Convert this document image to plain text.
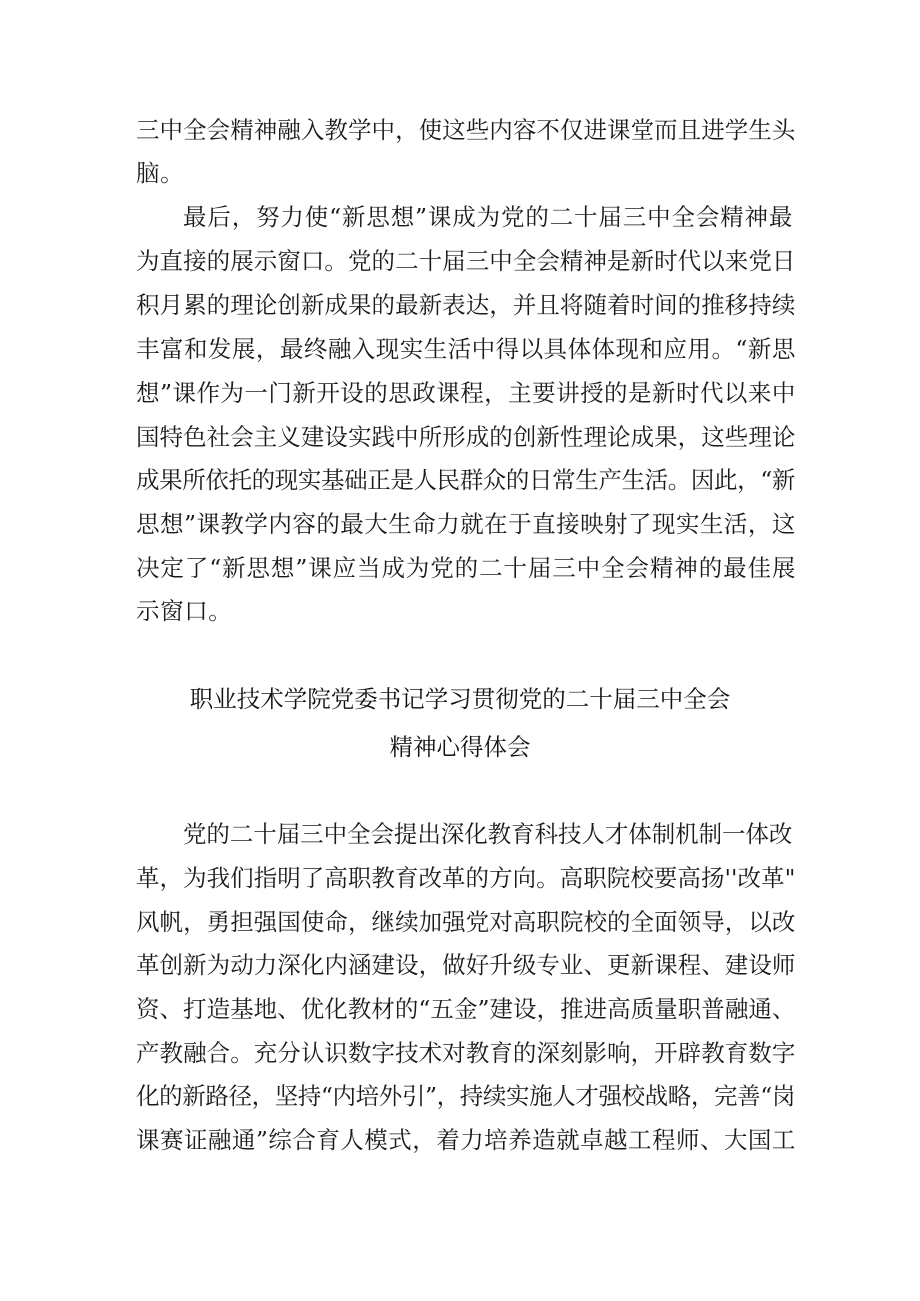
三中全会精神融入教学中，使这些内容不仅进课堂而且进学生头
脑。
最后，努力使“新思想”课成为党的二十届三中全会精神最
为直接的展示窗口。党的二十届三中全会精神是新时代以来党日
积月累的理论创新成果的最新表达，并且将随着时间的推移持续
丰富和发展，最终融入现实生活中得以具体体现和应用。“新思
想”课作为一门新开设的思政课程，主要讲授的是新时代以来中
国特色社会主义建设实践中所形成的创新性理论成果，这些理论
成果所依托的现实基础正是人民群众的日常生产生活。因此，“新
思想”课教学内容的最大生命力就在于直接映射了现实生活，这
决定了“新思想”课应当成为党的二十届三中全会精神的最佳展
示窗口。
职业技术学院党委书记学习贯彻党的二十届三中全会
精神心得体会
党的二十届三中全会提出深化教育科技人才体制机制一体改
革，为我们指明了高职教育改革的方向。高职院校要高扬''改革"
风帆，勇担强国使命，继续加强党对高职院校的全面领导，以改
革创新为动力深化内涵建设，做好升级专业、更新课程、建设师
资、打造基地、优化教材的“五金”建设，推进高质量职普融通、
产教融合。充分认识数字技术对教育的深刻影响，开辟教育数字
化的新路径，坚持“内培外引”，持续实施人才强校战略，完善“岗
课赛证融通”综合育人模式，着力培养造就卓越工程师、大国工
